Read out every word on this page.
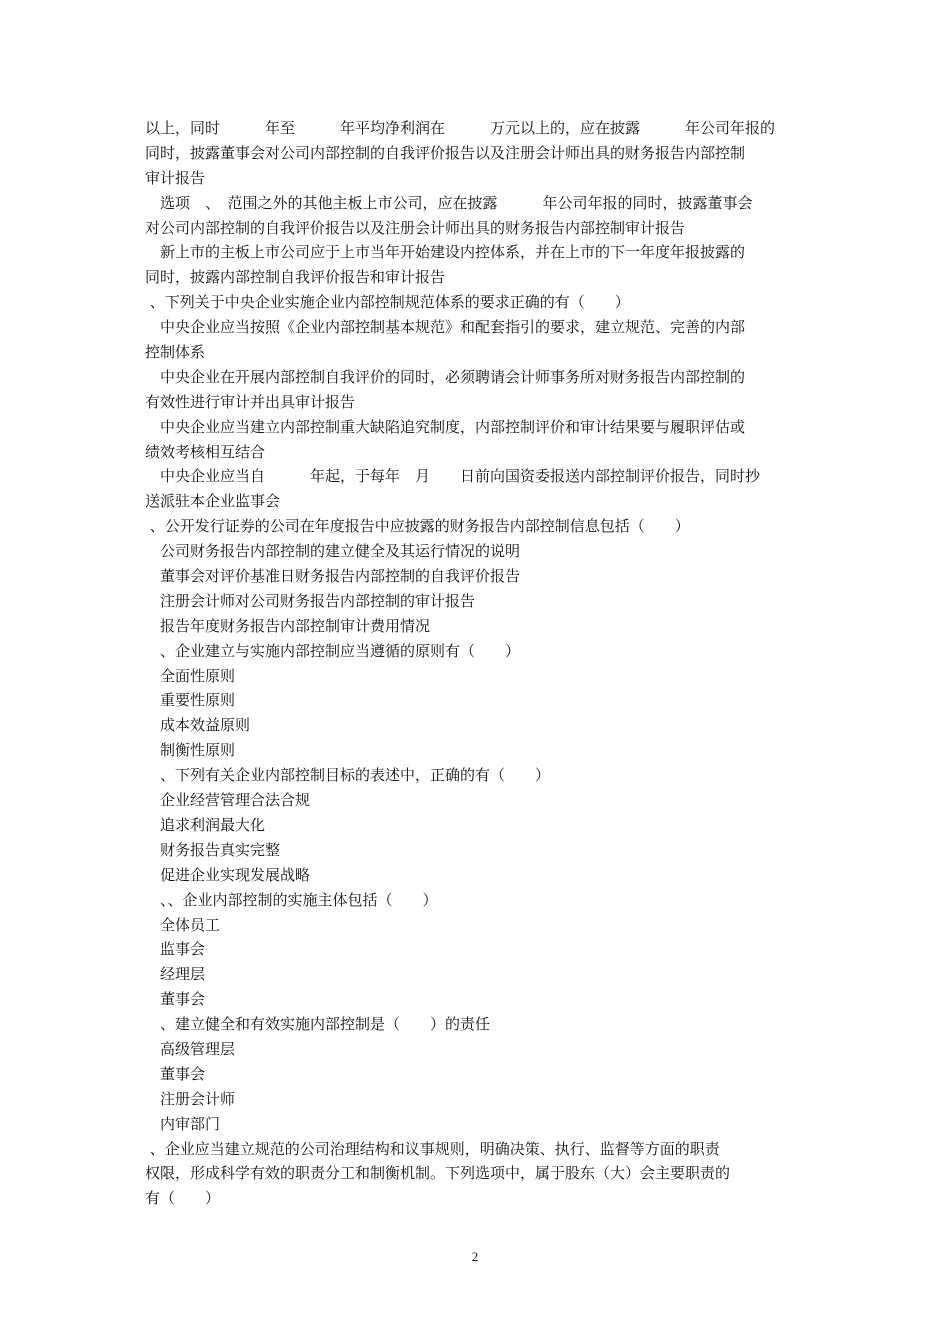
以上，同时　　　年至　　　年平均净利润在　　　万元以上的，应在披露　　　年公司年报的
同时，披露董事会对公司内部控制的自我评价报告以及注册会计师出具的财务报告内部控制
审计报告
　选项　、　范围之外的其他主板上市公司，应在披露　　　年公司年报的同时，披露董事会
对公司内部控制的自我评价报告以及注册会计师出具的财务报告内部控制审计报告
　新上市的主板上市公司应于上市当年开始建设内控体系，并在上市的下一年度年报披露的
同时，披露内部控制自我评价报告和审计报告
、下列关于中央企业实施企业内部控制规范体系的要求正确的有（　　）
　中央企业应当按照《企业内部控制基本规范》和配套指引的要求，建立规范、完善的内部
控制体系
　中央企业在开展内部控制自我评价的同时，必须聘请会计师事务所对财务报告内部控制的
有效性进行审计并出具审计报告
　中央企业应当建立内部控制重大缺陷追究制度，内部控制评价和审计结果要与履职评估或
绩效考核相互结合
　中央企业应当自　　　年起，于每年　月　　日前向国资委报送内部控制评价报告，同时抄
送派驻本企业监事会
、公开发行证券的公司在年度报告中应披露的财务报告内部控制信息包括（　　）
　公司财务报告内部控制的建立健全及其运行情况的说明
　董事会对评价基准日财务报告内部控制的自我评价报告
　注册会计师对公司财务报告内部控制的审计报告
　报告年度财务报告内部控制审计费用情况
　、企业建立与实施内部控制应当遵循的原则有（　　）
　全面性原则
　重要性原则
　成本效益原则
　制衡性原则
　、下列有关企业内部控制目标的表述中，正确的有（　　）
　企业经营管理合法合规
　追求利润最大化
　财务报告真实完整
　促进企业实现发展战略
　、、企业内部控制的实施主体包括（　　）
　全体员工
　监事会
　经理层
　董事会
　、建立健全和有效实施内部控制是（　　）的责任
　高级管理层
　董事会
　注册会计师
　内审部门
、企业应当建立规范的公司治理结构和议事规则，明确决策、执行、监督等方面的职责
权限，形成科学有效的职责分工和制衡机制。下列选项中，属于股东（大）会主要职责的
有（　　）
2
